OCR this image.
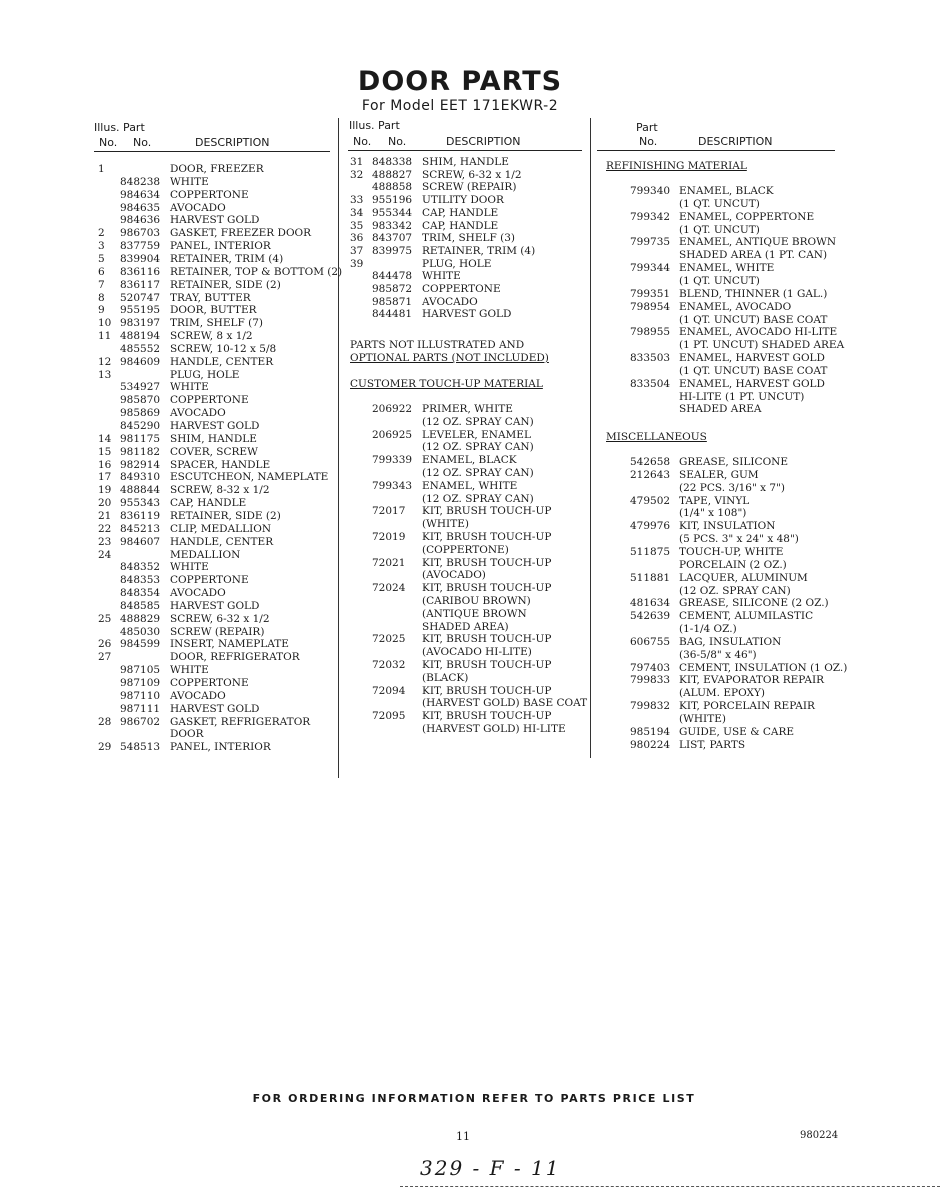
DOOR PARTS
For Model EET 171EKWR-2
Illus. Part
No. No.	DESCRIPTION
Illus. Part
No. No.	DESCRIPTION
Part
No.	DESCRIPTION
1	DOOR, FREEZER
848238 WHITE
984634 COPPERTONE
984635 AVOCADO
984636 HARVEST GOLD
2 986703 GASKET, FREEZER DOOR
3 837759 PANEL, INTERIOR
5 839904 RETAINER, TRIM (4)
6 836116 RETAINER, TOP & BOTTOM (2)
7 836117 RETAINER, SIDE (2)
8 520747 TRAY, BUTTER
9 955195 DOOR, BUTTER
10 983197 TRIM, SHELF (7)
11 488194 SCREW, 8 x 1/2
485552 SCREW, 10-12 x 5/8
12 984609 HANDLE, CENTER
13	PLUG, HOLE
534927 WHITE
985870 COPPERTONE
985869 AVOCADO
845290 HARVEST GOLD
14 981175 SHIM, HANDLE
15 981182 COVER, SCREW
16 982914 SPACER, HANDLE
17 849310 ESCUTCHEON, NAMEPLATE
19 488844 SCREW, 8-32 x 1/2
20 955343 CAP, HANDLE
21 836119 RETAINER, SIDE (2)
22 845213 CLIP, MEDALLION
23 984607 HANDLE, CENTER
24	MEDALLION
848352 WHITE
848353 COPPERTONE
848354 AVOCADO
848585 HARVEST GOLD
25 488829 SCREW, 6-32 x 1/2
485030 SCREW (REPAIR)
26 984599 INSERT, NAMEPLATE
27	DOOR, REFRIGERATOR
987105 WHITE
987109 COPPERTONE
987110 AVOCADO
987111 HARVEST GOLD
28 986702 GASKET, REFRIGERATOR
DOOR
29 548513 PANEL, INTERIOR
31 848338 SHIM, HANDLE
32 488827 SCREW, 6-32 x 1/2
488858 SCREW (REPAIR)
33 955196 UTILITY DOOR
34 955344 CAP, HANDLE
35 983342 CAP, HANDLE
36 843707 TRIM, SHELF (3)
37 839975 RETAINER, TRIM (4)
39	PLUG, HOLE
844478 WHITE
985872 COPPERTONE
985871 AVOCADO
844481 HARVEST GOLD
PARTS NOT ILLUSTRATED AND
OPTIONAL PARTS (NOT INCLUDED)
CUSTOMER TOUCH-UP MATERIAL
206922 PRIMER, WHITE
(12 OZ. SPRAY CAN)
206925 LEVELER, ENAMEL
(12 OZ. SPRAY CAN)
799339 ENAMEL, BLACK
(12 OZ. SPRAY CAN)
799343 ENAMEL, WHITE
(12 OZ. SPRAY CAN)
72017 KIT, BRUSH TOUCH-UP
(WHITE)
72019 KIT, BRUSH TOUCH-UP
(COPPERTONE)
72021 KIT, BRUSH TOUCH-UP
(AVOCADO)
72024 KIT, BRUSH TOUCH-UP
(CARIBOU BROWN)
(ANTIQUE BROWN
SHADED AREA)
72025 KIT, BRUSH TOUCH-UP
(AVOCADO HI-LITE)
72032 KIT, BRUSH TOUCH-UP
(BLACK)
72094 KIT, BRUSH TOUCH-UP
(HARVEST GOLD) BASE COAT
72095 KIT, BRUSH TOUCH-UP
(HARVEST GOLD) HI-LITE
REFINISHING MATERIAL
799340 ENAMEL, BLACK
(1 QT. UNCUT)
799342 ENAMEL, COPPERTONE
(1 QT. UNCUT)
799735 ENAMEL, ANTIQUE BROWN
SHADED AREA (1 PT. CAN)
799344 ENAMEL, WHITE
(1 QT. UNCUT)
799351 BLEND, THINNER (1 GAL.)
798954 ENAMEL, AVOCADO
(1 QT. UNCUT) BASE COAT
798955 ENAMEL, AVOCADO HI-LITE
(1 PT. UNCUT) SHADED AREA
833503 ENAMEL, HARVEST GOLD
(1 QT. UNCUT) BASE COAT
833504 ENAMEL, HARVEST GOLD
HI-LITE (1 PT. UNCUT)
SHADED AREA
MISCELLANEOUS
542658 GREASE, SILICONE
212643 SEALER, GUM
(22 PCS. 3/16" x 7")
479502 TAPE, VINYL
(1/4" x 108")
479976 KIT, INSULATION
(5 PCS. 3" x 24" x 48")
511875 TOUCH-UP, WHITE
PORCELAIN (2 OZ.)
511881 LACQUER, ALUMINUM
(12 OZ. SPRAY CAN)
481634 GREASE, SILICONE (2 OZ.)
542639 CEMENT, ALUMILASTIC
(1-1/4 OZ.)
606755 BAG, INSULATION
(36-5/8" x 46")
797403 CEMENT, INSULATION (1 OZ.)
799833 KIT, EVAPORATOR REPAIR
(ALUM. EPOXY)
799832 KIT, PORCELAIN REPAIR
(WHITE)
985194 GUIDE, USE & CARE
980224 LIST, PARTS
FOR ORDERING INFORMATION REFER TO PARTS PRICE LIST
11	980224
329 - F - 11
